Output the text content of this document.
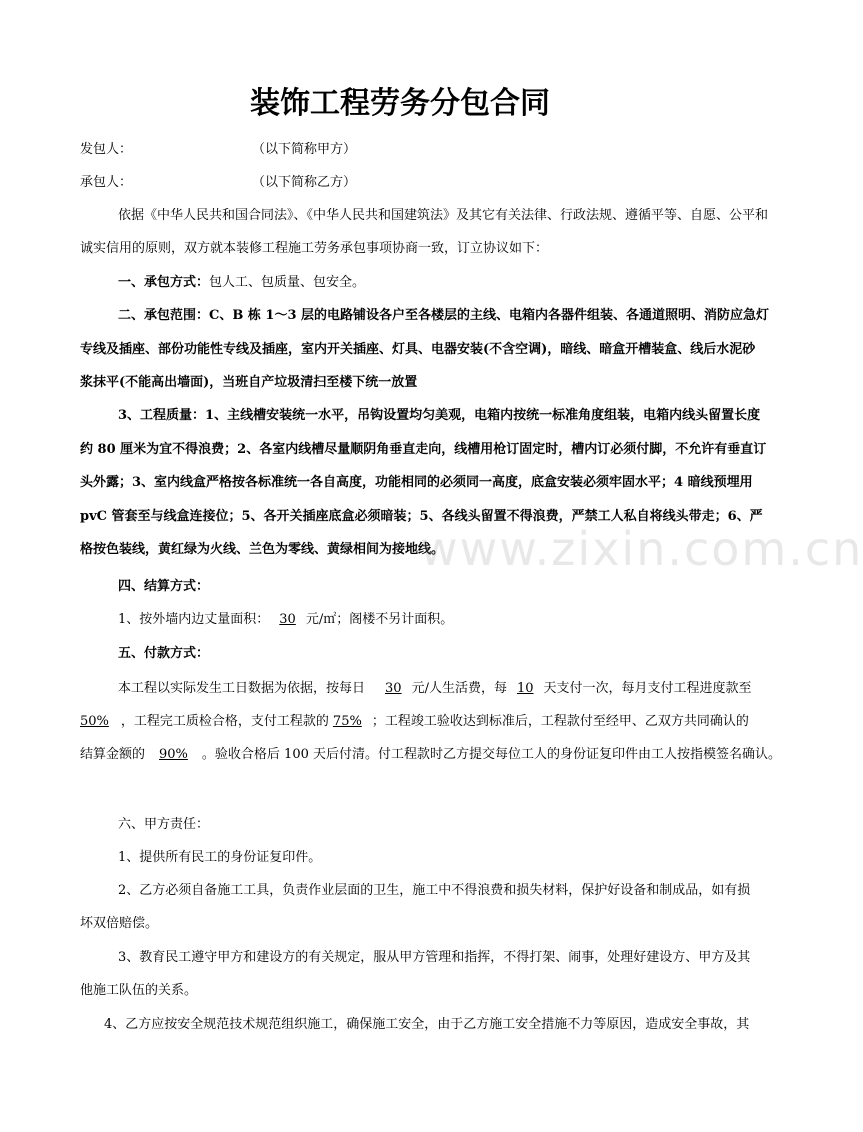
装饰工程劳务分包合同
发包人：	（以下简称甲方）
承包人：	（以下简称乙方）
依据《中华人民共和国合同法》、《中华人民共和国建筑法》及其它有关法律、行政法规、遵循平等、自愿、公平和
诚实信用的原则，双方就本装修工程施工劳务承包事项协商一致，订立协议如下：
一、承包方式：包人工、包质量、包安全。
二、承包范围：C、B 栋 1～3 层的电路铺设各户至各楼层的主线、电箱内各器件组装、各通道照明、消防应急灯
专线及插座、部份功能性专线及插座，室内开关插座、灯具、电器安装(不含空调)，暗线、暗盒开槽装盒、线后水泥砂
浆抹平(不能高出墙面)，当班自产垃圾清扫至楼下统一放置
3、工程质量：1、主线槽安装统一水平，吊钩设置均匀美观，电箱内按统一标准角度组装，电箱内线头留置长度
约 80 厘米为宜不得浪费；2、各室内线槽尽量顺阴角垂直走向，线槽用枪订固定时，槽内订必须付脚，不允许有垂直订
头外露；3、室内线盒严格按各标准统一各自高度，功能相同的必须同一高度，底盒安装必须牢固水平；4 暗线预埋用
pvC 管套至与线盒连接位；5、各开关插座底盒必须暗装；5、各线头留置不得浪费，严禁工人私自将线头带走；6、严
格按色装线，黄红绿为火线、兰色为零线、黄绿相间为接地线。
四、结算方式：
1、按外墙内边丈量面积： 30 元/㎡；阁楼不另计面积。
五、付款方式：
本工程以实际发生工日数据为依据，按每日 30 元/人生活费，每 10 天支付一次，每月支付工程进度款至
50% ，工程完工质检合格，支付工程款的 75% ；工程竣工验收达到标准后，工程款付至经甲、乙双方共同确认的
结算金额的 90% 。验收合格后 100 天后付清。付工程款时乙方提交每位工人的身份证复印件由工人按指模签名确认。
六、甲方责任：
1、提供所有民工的身份证复印件。
2、乙方必须自备施工工具，负责作业层面的卫生，施工中不得浪费和损失材料，保护好设备和制成品，如有损
坏双倍赔偿。
3、教育民工遵守甲方和建设方的有关规定，服从甲方管理和指挥，不得打架、闹事，处理好建设方、甲方及其
他施工队伍的关系。
4、乙方应按安全规范技术规范组织施工，确保施工安全，由于乙方施工安全措施不力等原因，造成安全事故，其
www.zixin.com.cn
